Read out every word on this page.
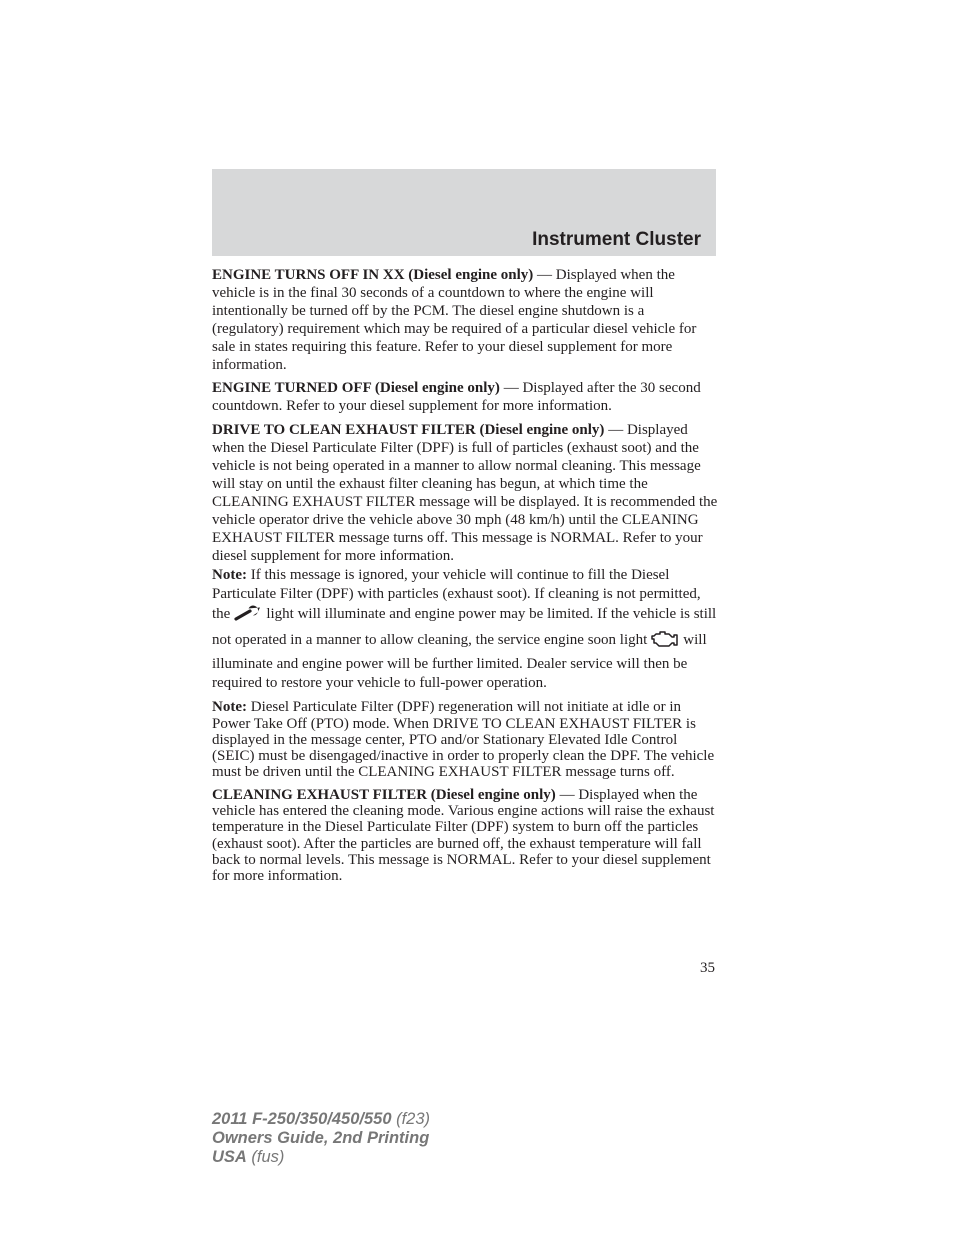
Instrument Cluster

ENGINE TURNS OFF IN XX (Diesel engine only) — Displayed when the vehicle is in the final 30 seconds of a countdown to where the engine will intentionally be turned off by the PCM. The diesel engine shutdown is a (regulatory) requirement which may be required of a particular diesel vehicle for sale in states requiring this feature. Refer to your diesel supplement for more information.

ENGINE TURNED OFF (Diesel engine only) — Displayed after the 30 second countdown. Refer to your diesel supplement for more information.

DRIVE TO CLEAN EXHAUST FILTER (Diesel engine only) — Displayed when the Diesel Particulate Filter (DPF) is full of particles (exhaust soot) and the vehicle is not being operated in a manner to allow normal cleaning. This message will stay on until the exhaust filter cleaning has begun, at which time the CLEANING EXHAUST FILTER message will be displayed. It is recommended the vehicle operator drive the vehicle above 30 mph (48 km/h) until the CLEANING EXHAUST FILTER message turns off. This message is NORMAL. Refer to your diesel supplement for more information.

Note: If this message is ignored, your vehicle will continue to fill the Diesel Particulate Filter (DPF) with particles (exhaust soot). If cleaning is not permitted, the light will illuminate and engine power may be limited. If the vehicle is still not operated in a manner to allow cleaning, the service engine soon light will illuminate and engine power will be further limited. Dealer service will then be required to restore your vehicle to full-power operation.

Note: Diesel Particulate Filter (DPF) regeneration will not initiate at idle or in Power Take Off (PTO) mode. When DRIVE TO CLEAN EXHAUST FILTER is displayed in the message center, PTO and/or Stationary Elevated Idle Control (SEIC) must be disengaged/inactive in order to properly clean the DPF. The vehicle must be driven until the CLEANING EXHAUST FILTER message turns off.

CLEANING EXHAUST FILTER (Diesel engine only) — Displayed when the vehicle has entered the cleaning mode. Various engine actions will raise the exhaust temperature in the Diesel Particulate Filter (DPF) system to burn off the particles (exhaust soot). After the particles are burned off, the exhaust temperature will fall back to normal levels. This message is NORMAL. Refer to your diesel supplement for more information.

35
2011 F-250/350/450/550 (f23)
Owners Guide, 2nd Printing
USA (fus)
